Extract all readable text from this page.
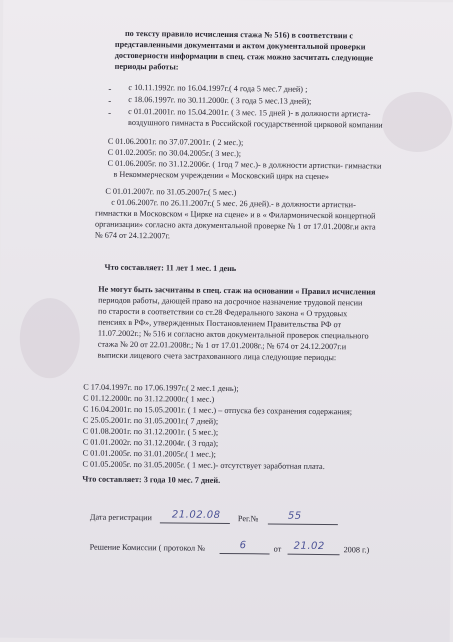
по тексту правило исчисления стажа № 516) в соответствии с
представленными документами и актом документальной проверки
достоверности информации в спец. стаж можно засчитать следующие
периоды работы:
- с 10.11.1992г. по 16.04.1997г.( 4 года 5 мес.7 дней) ;
- с 18.06.1997г. по 30.11.2000г. ( 3 года 5 мес.13 дней);
- с 01.01.2001г. по 15.04.2001г. ( 3 мес. 15 дней )- в должности артиста-
воздушного гимнаста в Российской государственной цирковой компании
С 01.06.2001г. по 37.07.2001г. ( 2 мес.);
С 01.02.2005г. по 30.04.2005г.( 3 мес.);
С 01.06.2005г. по 31.12.2006г. ( 1год 7 мес.)- в должности артистки- гимнастки
в Некоммерческом учреждении « Московский цирк на сцене»
С 01.01.2007г. по 31.05.2007г.( 5 мес.)
с 01.06.2007г. по 26.11.2007г.( 5 мес. 26 дней).- в должности артистки-
гимнастки в Московском « Цирке на сцене» и в « Филармонической концертной
организации» согласно акта документальной проверке № 1 от 17.01.2008г.и акта
№ 674 от 24.12.2007г.
Что составляет: 11 лет 1 мес. 1 день
Не могут быть засчитаны в спец. стаж на основании « Правил исчисления
периодов работы, дающей право на досрочное назначение трудовой пенсии
по старости в соответствии со ст.28 Федерального закона « О трудовых
пенсиях в РФ», утвержденных Постановлением Правительства РФ от
11.07.2002г.; № 516 и согласно актов документальной проверок специального
стажа № 20 от 22.01.2008г.; № 1 от 17.01.2008г.; № 674 от 24.12.2007г.и
выписки лицевого счета застрахованного лица следующие периоды:
С 17.04.1997г. по 17.06.1997г.( 2 мес.1 день);
С 01.12.2000г. по 31.12.2000г.( 1 мес.)
С 16.04.2001г. по 15.05.2001г. ( 1 мес.) – отпуска без сохранения содержания;
С 25.05.2001г. по 31.05.2001г.( 7 дней);
С 01.08.2001г. по 31.12.2001г. ( 5 мес.);
С 01.01.2002г. по 31.12.2004г. ( 3 года);
С 01.01.2005г. по 31.01.2005г.( 1 мес.);
С 01.05.2005г. по 31.05.2005г. ( 1 мес.)- отсутствует заработная плата.
Что составляет: 3 года 10 мес. 7 дней.
Дата регистрации 21.02.08 Рег.№	55
Решение Комиссии ( протокол №	6	от 21.02 2008 г.)
